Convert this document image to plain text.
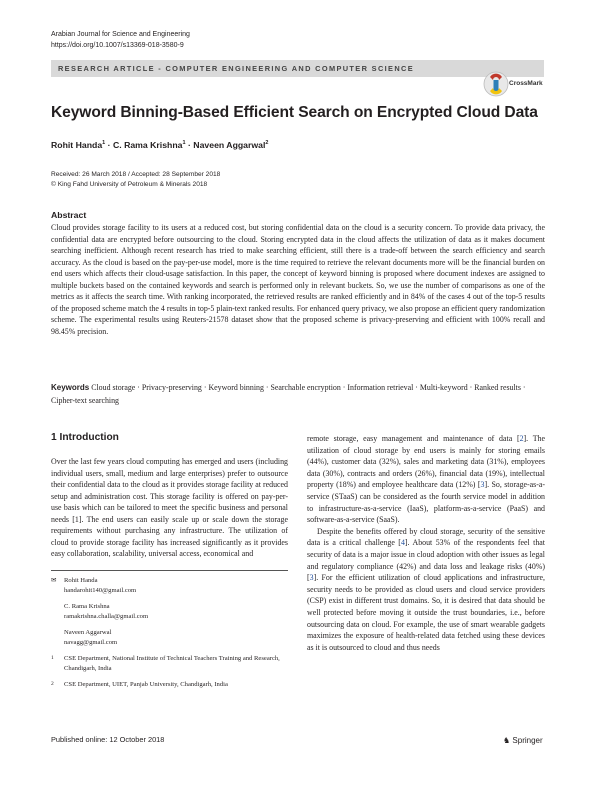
Arabian Journal for Science and Engineering
https://doi.org/10.1007/s13369-018-3580-9
RESEARCH ARTICLE - COMPUTER ENGINEERING AND COMPUTER SCIENCE
CrossMark
Keyword Binning-Based Efficient Search on Encrypted Cloud Data
Rohit Handa$^1$ · C. Rama Krishna$^1$ · Naveen Aggarwal$^2$
Received: 26 March 2018 / Accepted: 28 September 2018
© King Fahd University of Petroleum & Minerals 2018
Abstract
Cloud provides storage facility to its users at a reduced cost, but storing confidential data on the cloud is a security concern. To provide data privacy, the confidential data are encrypted before outsourcing to the cloud. Storing encrypted data in the cloud affects the utilization of data as it makes document searching inefficient. Although recent research has tried to make searching efficient, still there is a trade-off between the search efficiency and search accuracy. As the cloud is based on the pay-per-use model, more is the time required to retrieve the relevant documents more will be the financial burden on end users which affects their cloud-usage satisfaction. In this paper, the concept of keyword binning is proposed where document indexes are assigned to multiple buckets based on the contained keywords and search is performed only in relevant buckets. So, we use the number of comparisons as one of the metrics as it affects the search time. With ranking incorporated, the retrieved results are ranked efficiently and in 84% of the cases 4 out of the top-5 results of the proposed scheme match the 4 results in top-5 plain-text ranked results. For enhanced query privacy, we also propose an efficient query randomization scheme. The experimental results using Reuters-21578 dataset show that the proposed scheme is privacy-preserving and efficient with 100% recall and 98.45% precision.
Keywords Cloud storage · Privacy-preserving · Keyword binning · Searchable encryption · Information retrieval · Multi-keyword · Ranked results · Cipher-text searching
1 Introduction

Over the last few years cloud computing has emerged and users (including individual users, small, medium and large enterprises) prefer to outsource their confidential data to the cloud as it provides storage facility at reduced setup and administration cost. This storage facility is offered on pay-per-use basis which can be tailored to meet the specific business and personal needs [1]. The end users can easily scale up or scale down the storage requirements without purchasing any infrastructure. The utilization of cloud to provide storage facility has increased significantly as it provides easy collaboration, scalability, universal access, economical and

✉	Rohit Handa
handarohit140@gmail.com
C. Rama Krishna
ramakrishna.challa@gmail.com
Naveen Aggarwal
navagg@gmail.com
1	CSE Department, National Institute of Technical Teachers Training and Research, Chandigarh, India
2	CSE Department, UIET, Panjab University, Chandigarh, India

remote storage, easy management and maintenance of data [2]. The utilization of cloud storage by end users is mainly for storing emails (44%), customer data (32%), sales and marketing data (31%), employees data (30%), contracts and orders (26%), financial data (19%), intellectual property (18%) and employee healthcare data (12%) [3]. So, storage-as-a-service (STaaS) can be considered as the fourth service model in addition to infrastructure-as-a-service (IaaS), platform-as-a-service (PaaS) and software-as-a-service (SaaS).

Despite the benefits offered by cloud storage, security of the sensitive data is a critical challenge [4]. About 53% of the respondents feel that security of data is a major issue in cloud adoption with other issues as legal and regulatory compliance (42%) and data loss and leakage risks (40%) [3]. For the efficient utilization of cloud applications and infrastructure, security needs to be provided as cloud users and cloud service providers (CSP) exist in different trust domains. So, it is desired that data should be well protected before moving it outside the trust boundaries, i.e., before outsourcing data on cloud. For example, the use of smart wearable gadgets maximizes the exposure of health-related data fetched using these devices as it is outsourced to cloud and thus needs

Published online: 12 October 2018	♞ Springer
